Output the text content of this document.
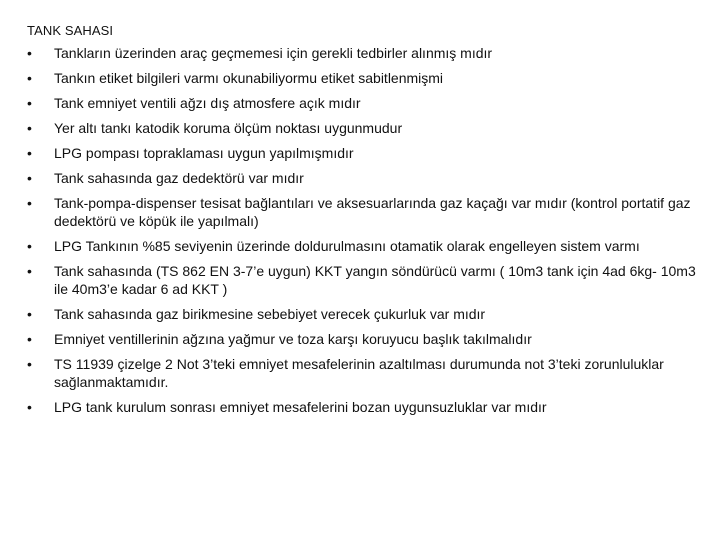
TANK SAHASI
•	Tankların üzerinden araç geçmemesi için gerekli tedbirler alınmış mıdır
•	Tankın etiket bilgileri varmı okunabiliyormu etiket sabitlenmişmi
•	Tank emniyet ventili ağzı dış atmosfere açık mıdır
•	Yer altı tankı katodik koruma ölçüm noktası uygunmudur
•	LPG pompası topraklaması uygun yapılmışmıdır
•	Tank sahasında gaz dedektörü var mıdır
•	Tank-pompa-dispenser tesisat bağlantıları ve aksesuarlarında gaz kaçağı var mıdır (kontrol portatif gaz dedektörü ve köpük ile yapılmalı)
•	LPG Tankının %85 seviyenin üzerinde doldurulmasını otamatik olarak engelleyen sistem varmı
•	Tank sahasında (TS 862 EN 3-7’e uygun) KKT yangın söndürücü varmı ( 10m3 tank için 4ad 6kg- 10m3 ile 40m3’e kadar 6 ad KKT )
•	Tank sahasında gaz birikmesine sebebiyet verecek çukurluk var mıdır
•	Emniyet ventillerinin ağzına yağmur ve toza karşı koruyucu başlık takılmalıdır
•	TS 11939 çizelge 2 Not 3’teki emniyet mesafelerinin azaltılması durumunda not 3’teki zorunluluklar sağlanmaktamıdır.
•	LPG tank kurulum sonrası emniyet mesafelerini bozan uygunsuzluklar var mıdır
